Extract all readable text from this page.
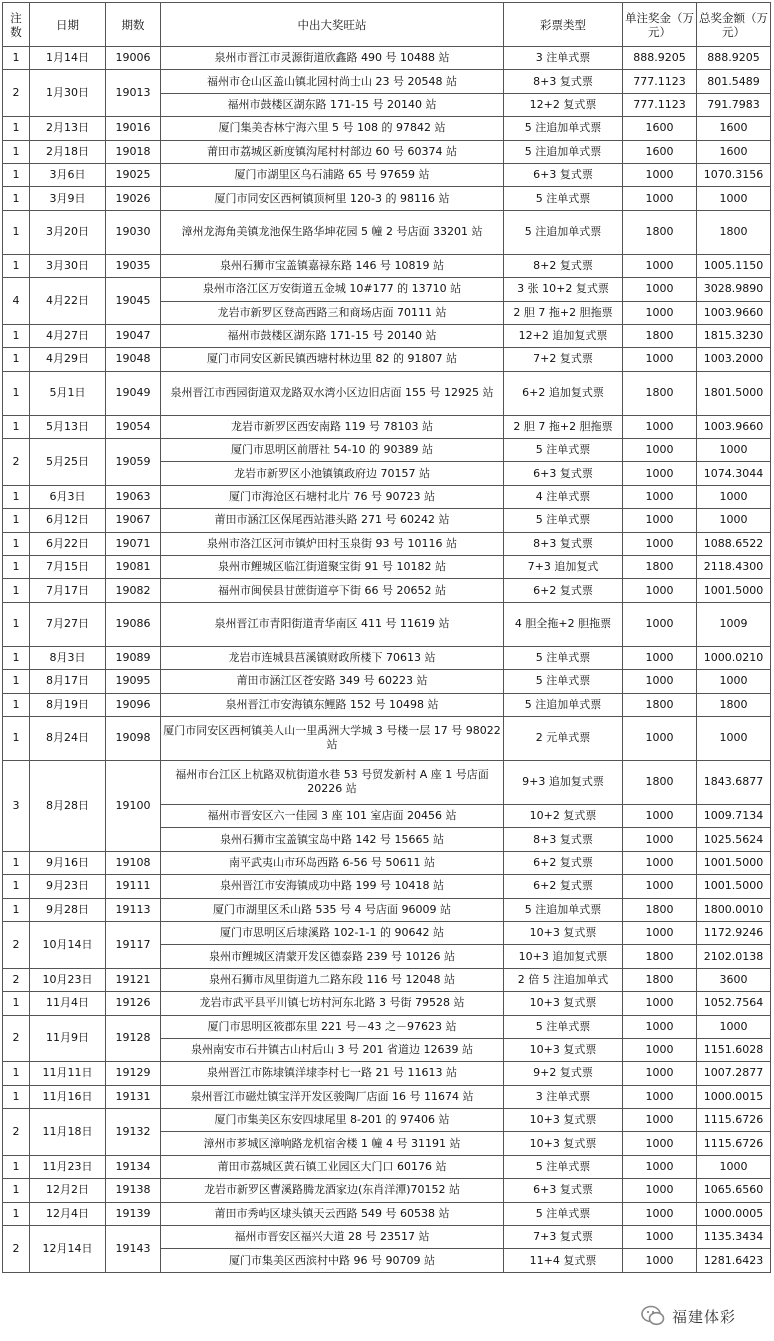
注数	日期	期数	中出大奖旺站	彩票类型	单注奖金（万元）	总奖金额（万元）
1	1月14日	19006	泉州市晋江市灵源街道欣鑫路 490 号 10488 站	3 注单式票	888.9205	888.9205
2	1月30日	19013	福州市仓山区盖山镇北园村尚士山 23 号 20548 站	8+3 复式票	777.1123	801.5489
			福州市鼓楼区湖东路 171-15 号 20140 站	12+2 复式票	777.1123	791.7983
1	2月13日	19016	厦门集美杏林宁海六里 5 号 108 的 97842 站	5 注追加单式票	1600	1600
1	2月18日	19018	莆田市荔城区新度镇沟尾村村部边 60 号 60374 站	5 注追加单式票	1600	1600
1	3月6日	19025	厦门市湖里区乌石浦路 65 号 97659 站	6+3 复式票	1000	1070.3156
1	3月9日	19026	厦门市同安区西柯镇顶柯里 120-3 的 98116 站	5 注单式票	1000	1000
1	3月20日	19030	漳州龙海角美镇龙池保生路华坤花园 5 幢 2 号店面 33201 站	5 注追加单式票	1800	1800
1	3月30日	19035	泉州石狮市宝盖镇嘉禄东路 146 号 10819 站	8+2 复式票	1000	1005.1150
4	4月22日	19045	泉州市洛江区万安街道五金城 10#177 的 13710 站	3 张 10+2 复式票	1000	3028.9890
			龙岩市新罗区登高西路三和商场店面 70111 站	2 胆 7 拖+2 胆拖票	1000	1003.9660
1	4月27日	19047	福州市鼓楼区湖东路 171-15 号 20140 站	12+2 追加复式票	1800	1815.3230
1	4月29日	19048	厦门市同安区新民镇西塘村林边里 82 的 91807 站	7+2 复式票	1000	1003.2000
1	5月1日	19049	泉州晋江市西园街道双龙路双水湾小区边旧店面 155 号 12925 站	6+2 追加复式票	1800	1801.5000
1	5月13日	19054	龙岩市新罗区西安南路 119 号 78103 站	2 胆 7 拖+2 胆拖票	1000	1003.9660
2	5月25日	19059	厦门市思明区前厝社 54-10 的 90389 站	5 注单式票	1000	1000
			龙岩市新罗区小池镇镇政府边 70157 站	6+3 复式票	1000	1074.3044
1	6月3日	19063	厦门市海沧区石塘村北片 76 号 90723 站	4 注单式票	1000	1000
1	6月12日	19067	莆田市涵江区保尾西站港头路 271 号 60242 站	5 注单式票	1000	1000
1	6月22日	19071	泉州市洛江区河市镇炉田村玉泉街 93 号 10116 站	8+3 复式票	1000	1088.6522
1	7月15日	19081	泉州市鲤城区临江街道聚宝街 91 号 10182 站	7+3 追加复式	1800	2118.4300
1	7月17日	19082	福州市闽侯县甘蔗街道亭下街 66 号 20652 站	6+2 复式票	1000	1001.5000
1	7月27日	19086	泉州晋江市青阳街道青华南区 411 号 11619 站	4 胆全拖+2 胆拖票	1000	1009
1	8月3日	19089	龙岩市连城县莒溪镇财政所楼下 70613 站	5 注单式票	1000	1000.0210
1	8月17日	19095	莆田市涵江区苍安路 349 号 60223 站	5 注单式票	1000	1000
1	8月19日	19096	泉州晋江市安海镇东鲤路 152 号 10498 站	5 注追加单式票	1800	1800
1	8月24日	19098	厦门市同安区西柯镇美人山一里禹洲大学城 3 号楼一层 17 号 98022 站	2 元单式票	1000	1000
3	8月28日	19100	福州市台江区上杭路双杭街道水巷 53 号贸发新村 A 座 1 号店面 20226 站	9+3 追加复式票	1800	1843.6877
			福州市晋安区六一佳园 3 座 101 室店面 20456 站	10+2 复式票	1000	1009.7134
			泉州石狮市宝盖镇宝岛中路 142 号 15665 站	8+3 复式票	1000	1025.5624
1	9月16日	19108	南平武夷山市环岛西路 6-56 号 50611 站	6+2 复式票	1000	1001.5000
1	9月23日	19111	泉州晋江市安海镇成功中路 199 号 10418 站	6+2 复式票	1000	1001.5000
1	9月28日	19113	厦门市湖里区禾山路 535 号 4 号店面 96009 站	5 注追加单式票	1800	1800.0010
2	10月14日	19117	厦门市思明区后埭溪路 102-1-1 的 90642 站	10+3 复式票	1000	1172.9246
			泉州市鲤城区清蒙开发区德泰路 239 号 10126 站	10+3 追加复式票	1800	2102.0138
2	10月23日	19121	泉州石狮市凤里街道九二路东段 116 号 12048 站	2 倍 5 注追加单式	1800	3600
1	11月4日	19126	龙岩市武平县平川镇七坊村河东北路 3 号街 79528 站	10+3 复式票	1000	1052.7564
2	11月9日	19128	厦门市思明区筱郡东里 221 号－43 之－97623 站	5 注单式票	1000	1000
			泉州南安市石井镇古山村后山 3 号 201 省道边 12639 站	10+3 复式票	1000	1151.6028
1	11月11日	19129	泉州晋江市陈埭镇洋埭李村七一路 21 号 11613 站	9+2 复式票	1000	1007.2877
1	11月16日	19131	泉州晋江市磁灶镇宝洋开发区骏陶厂店面 16 号 11674 站	3 注单式票	1000	1000.0015
2	11月18日	19132	厦门市集美区东安四埭尾里 8-201 的 97406 站	10+3 复式票	1000	1115.6726
			漳州市芗城区漳响路龙机宿舍楼 1 幢 4 号 31191 站	10+3 复式票	1000	1115.6726
1	11月23日	19134	莆田市荔城区黄石镇工业园区大门口 60176 站	5 注单式票	1000	1000
1	12月2日	19138	龙岩市新罗区曹溪路腾龙酒家边(东肖洋潭)70152 站	6+3 复式票	1000	1065.6560
1	12月4日	19139	莆田市秀屿区埭头镇天云西路 549 号 60538 站	5 注单式票	1000	1000.0005
2	12月14日	19143	福州市晋安区福兴大道 28 号 23517 站	7+3 复式票	1000	1135.3434
			厦门市集美区西滨村中路 96 号 90709 站	11+4 复式票	1000	1281.6423
福建体彩
